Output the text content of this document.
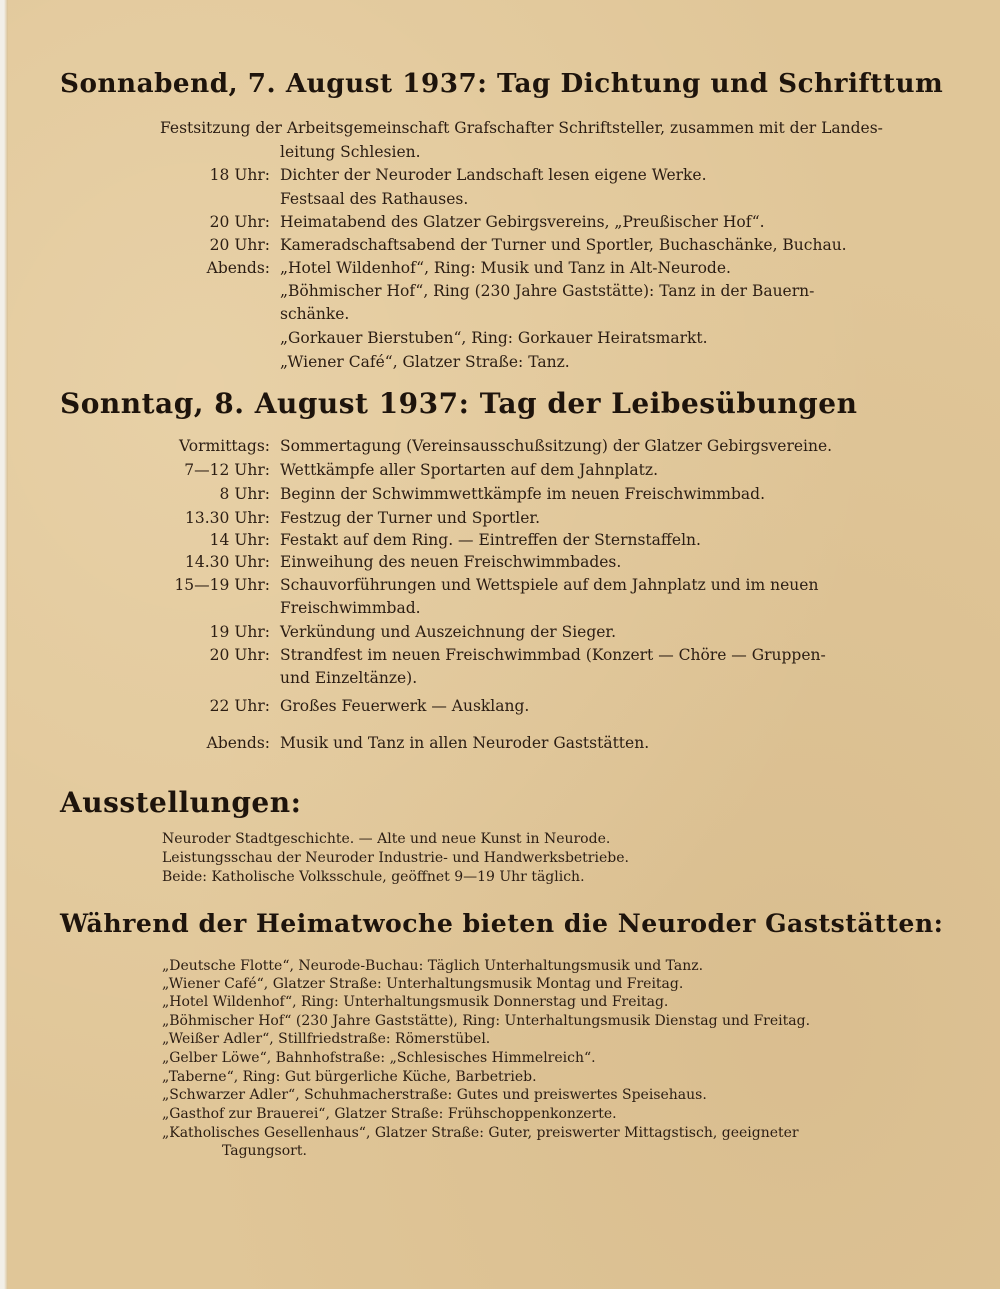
Sonnabend, 7. August 1937: Tag Dichtung und Schrifttum
Festsitzung der Arbeitsgemeinschaft Grafschafter Schriftsteller, zusammen mit der Landes-
leitung Schlesien.
18 Uhr: Dichter der Neuroder Landschaft lesen eigene Werke.
Festsaal des Rathauses.
20 Uhr: Heimatabend des Glatzer Gebirgsvereins, „Preußischer Hof“.
20 Uhr: Kameradschaftsabend der Turner und Sportler, Buchaschänke, Buchau.
Abends: „Hotel Wildenhof“, Ring: Musik und Tanz in Alt-Neurode.
„Böhmischer Hof“, Ring (230 Jahre Gaststätte): Tanz in der Bauern-
schänke.
„Gorkauer Bierstuben“, Ring: Gorkauer Heiratsmarkt.
„Wiener Café“, Glatzer Straße: Tanz.
Sonntag, 8. August 1937: Tag der Leibesübungen
Vormittags: Sommertagung (Vereinsausschußsitzung) der Glatzer Gebirgsvereine.
7—12 Uhr: Wettkämpfe aller Sportarten auf dem Jahnplatz.
8 Uhr: Beginn der Schwimmwettkämpfe im neuen Freischwimmbad.
13.30 Uhr: Festzug der Turner und Sportler.
14 Uhr: Festakt auf dem Ring. — Eintreffen der Sternstaffeln.
14.30 Uhr: Einweihung des neuen Freischwimmbades.
15—19 Uhr: Schauvorführungen und Wettspiele auf dem Jahnplatz und im neuen
Freischwimmbad.
19 Uhr: Verkündung und Auszeichnung der Sieger.
20 Uhr: Strandfest im neuen Freischwimmbad (Konzert — Chöre — Gruppen-
und Einzeltänze).
22 Uhr: Großes Feuerwerk — Ausklang.
Abends: Musik und Tanz in allen Neuroder Gaststätten.
Ausstellungen:
Neuroder Stadtgeschichte. — Alte und neue Kunst in Neurode.
Leistungsschau der Neuroder Industrie- und Handwerksbetriebe.
Beide: Katholische Volksschule, geöffnet 9—19 Uhr täglich.
Während der Heimatwoche bieten die Neuroder Gaststätten:
„Deutsche Flotte“, Neurode-Buchau: Täglich Unterhaltungsmusik und Tanz.
„Wiener Café“, Glatzer Straße: Unterhaltungsmusik Montag und Freitag.
„Hotel Wildenhof“, Ring: Unterhaltungsmusik Donnerstag und Freitag.
„Böhmischer Hof“ (230 Jahre Gaststätte), Ring: Unterhaltungsmusik Dienstag und Freitag.
„Weißer Adler“, Stillfriedstraße: Römerstübel.
„Gelber Löwe“, Bahnhofstraße: „Schlesisches Himmelreich“.
„Taberne“, Ring: Gut bürgerliche Küche, Barbetrieb.
„Schwarzer Adler“, Schuhmacherstraße: Gutes und preiswertes Speisehaus.
„Gasthof zur Brauerei“, Glatzer Straße: Frühschoppenkonzerte.
„Katholisches Gesellenhaus“, Glatzer Straße: Guter, preiswerter Mittagstisch, geeigneter
Tagungsort.
